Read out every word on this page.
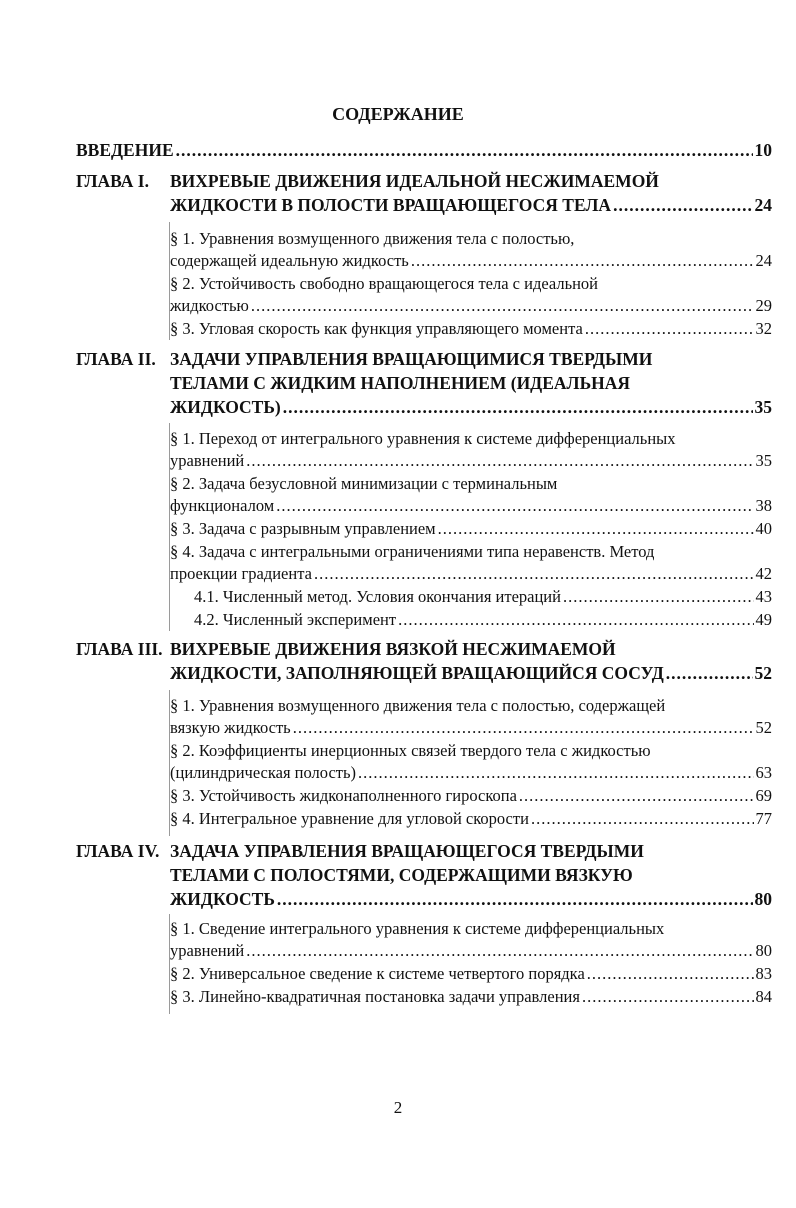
СОДЕРЖАНИЕ
ВВЕДЕНИЕ .....	10
ГЛАВА I. ВИХРЕВЫЕ ДВИЖЕНИЯ ИДЕАЛЬНОЙ НЕСЖИМАЕМОЙ
ЖИДКОСТИ В ПОЛОСТИ ВРАЩАЮЩЕГОСЯ ТЕЛА .....	24
§ 1. Уравнения возмущенного движения тела с полостью,
содержащей идеальную жидкость .....	24
§ 2. Устойчивость свободно вращающегося тела с идеальной
жидкостью .....	29
§ 3. Угловая скорость как функция управляющего момента .....	32
ГЛАВА II. ЗАДАЧИ УПРАВЛЕНИЯ ВРАЩАЮЩИМИСЯ ТВЕРДЫМИ
ТЕЛАМИ С ЖИДКИМ НАПОЛНЕНИЕМ (ИДЕАЛЬНАЯ
ЖИДКОСТЬ) .....	35
§ 1. Переход от интегрального уравнения к системе дифференциальных
уравнений .....	35
§ 2. Задача безусловной минимизации с терминальным
функционалом .....	38
§ 3. Задача с разрывным управлением .....	40
§ 4. Задача с интегральными ограничениями типа неравенств. Метод
проекции градиента .....	42
4.1. Численный метод. Условия окончания итераций .....	43
4.2. Численный эксперимент .....	49
ГЛАВА III. ВИХРЕВЫЕ ДВИЖЕНИЯ ВЯЗКОЙ НЕСЖИМАЕМОЙ
ЖИДКОСТИ, ЗАПОЛНЯЮЩЕЙ ВРАЩАЮЩИЙСЯ СОСУД .....	52
§ 1. Уравнения возмущенного движения тела с полостью, содержащей
вязкую жидкость .....	52
§ 2. Коэффициенты инерционных связей твердого тела с жидкостью
(цилиндрическая полость) .....	63
§ 3. Устойчивость жидконаполненного гироскопа .....	69
§ 4. Интегральное уравнение для угловой скорости .....	77
ГЛАВА IV. ЗАДАЧА УПРАВЛЕНИЯ ВРАЩАЮЩЕГОСЯ ТВЕРДЫМИ
ТЕЛАМИ С ПОЛОСТЯМИ, СОДЕРЖАЩИМИ ВЯЗКУЮ
ЖИДКОСТЬ .....	80
§ 1. Сведение интегрального уравнения к системе дифференциальных
уравнений .....	80
§ 2. Универсальное сведение к системе четвертого порядка .....	83
§ 3. Линейно-квадратичная постановка задачи управления .....	84
2
